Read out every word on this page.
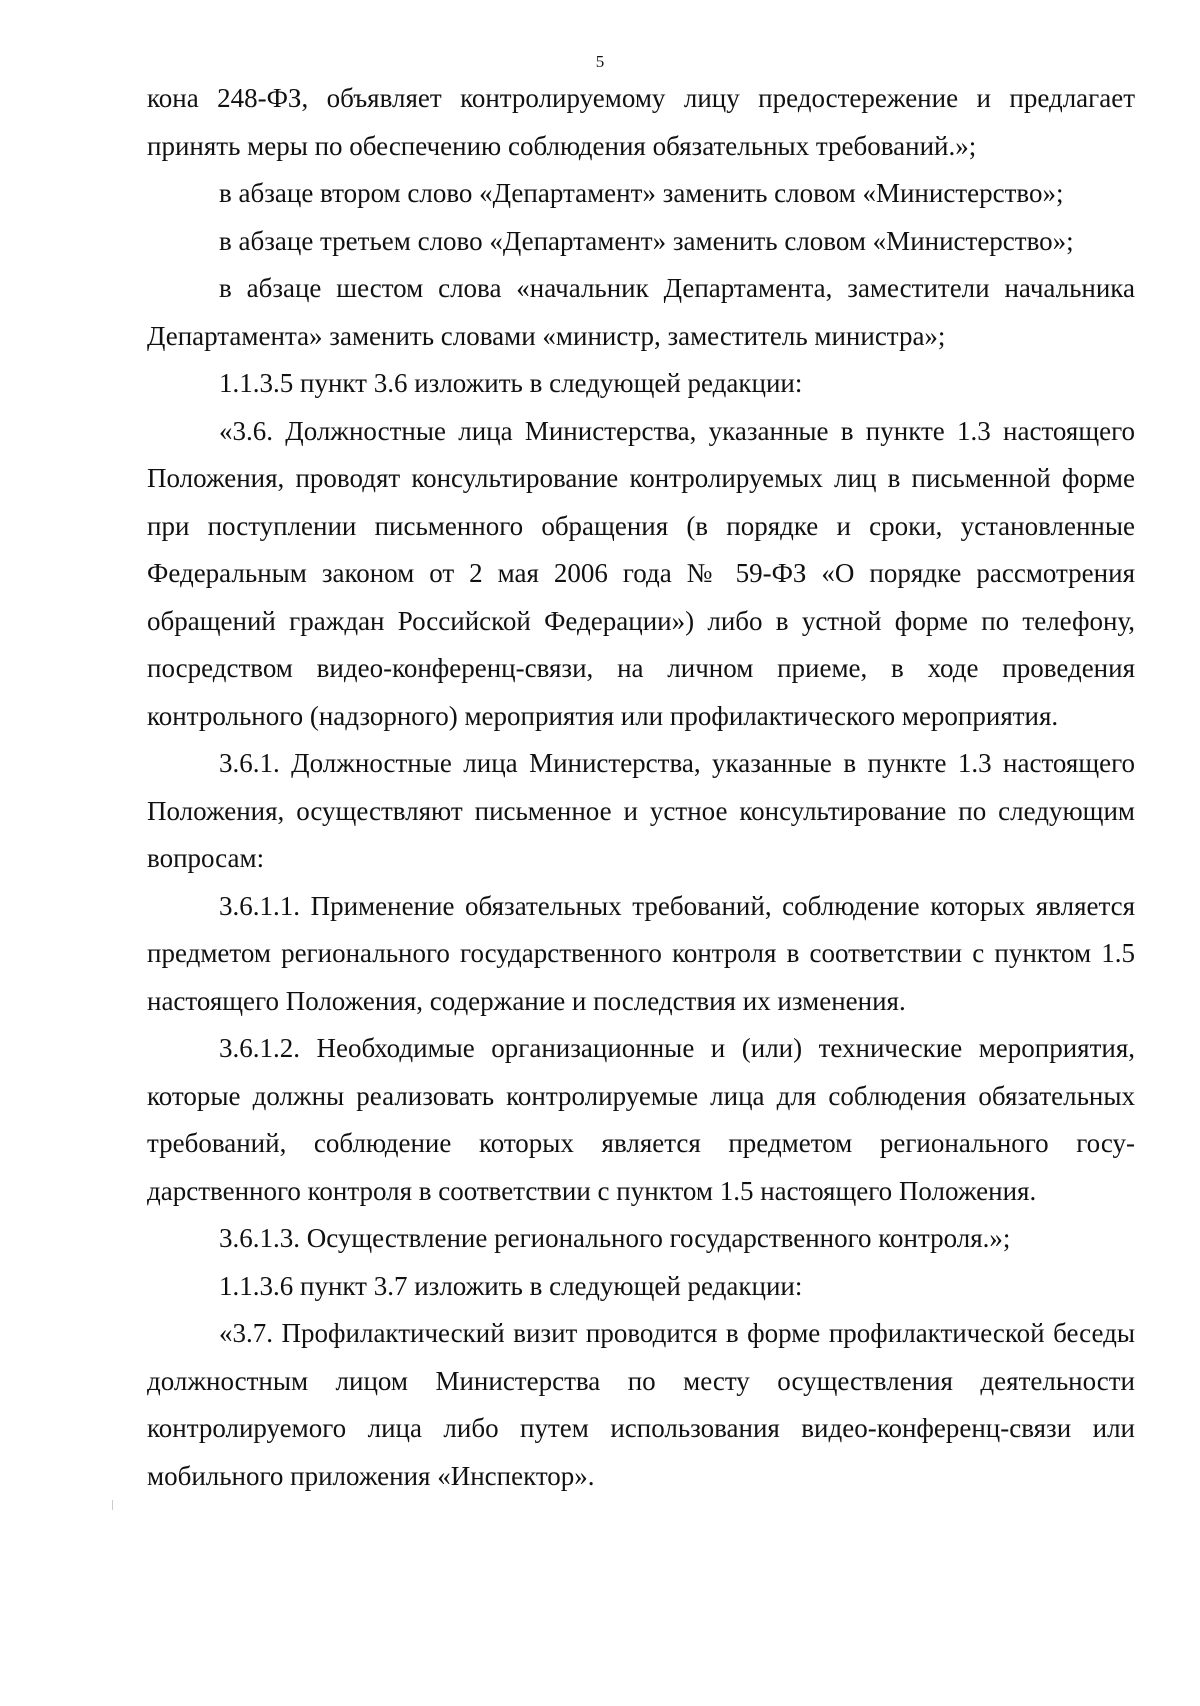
5

кона 248-ФЗ, объявляет контролируемому лицу предостережение и предлагает принять меры по обеспечению соблюдения обязательных требований.»;

в абзаце втором слово «Департамент» заменить словом «Министерство»;

в абзаце третьем слово «Департамент» заменить словом «Министерство»;

в абзаце шестом слова «начальник Департамента, заместители начальника Департамента» заменить словами «министр, заместитель министра»;

1.1.3.5 пункт 3.6 изложить в следующей редакции:

«3.6. Должностные лица Министерства, указанные в пункте 1.3 настоящего Положения, проводят консультирование контролируемых лиц в письменной форме при поступлении письменного обращения (в порядке и сроки, установленные Федеральным законом от 2 мая 2006 года № 59-ФЗ «О порядке рассмотрения обращений граждан Российской Федерации») либо в устной форме по телефону, посредством видео-конференц-связи, на личном приеме, в ходе проведения контрольного (надзорного) мероприятия или профилактического мероприятия.

3.6.1. Должностные лица Министерства, указанные в пункте 1.3 настоящего Положения, осуществляют письменное и устное консультирование по следующим вопросам:

3.6.1.1. Применение обязательных требований, соблюдение которых является предметом регионального государственного контроля в соответствии с пунктом 1.5 настоящего Положения, содержание и последствия их изменения.

3.6.1.2. Необходимые организационные и (или) технические мероприятия, которые должны реализовать контролируемые лица для соблюдения обязательных требований, соблюдение которых является предметом регионального государственного контроля в соответствии с пунктом 1.5 настоящего Положения.

3.6.1.3. Осуществление регионального государственного контроля.»;

1.1.3.6 пункт 3.7 изложить в следующей редакции:

«3.7. Профилактический визит проводится в форме профилактической беседы должностным лицом Министерства по месту осуществления деятельности контролируемого лица либо путем использования видео-конференц-связи или мобильного приложения «Инспектор».
